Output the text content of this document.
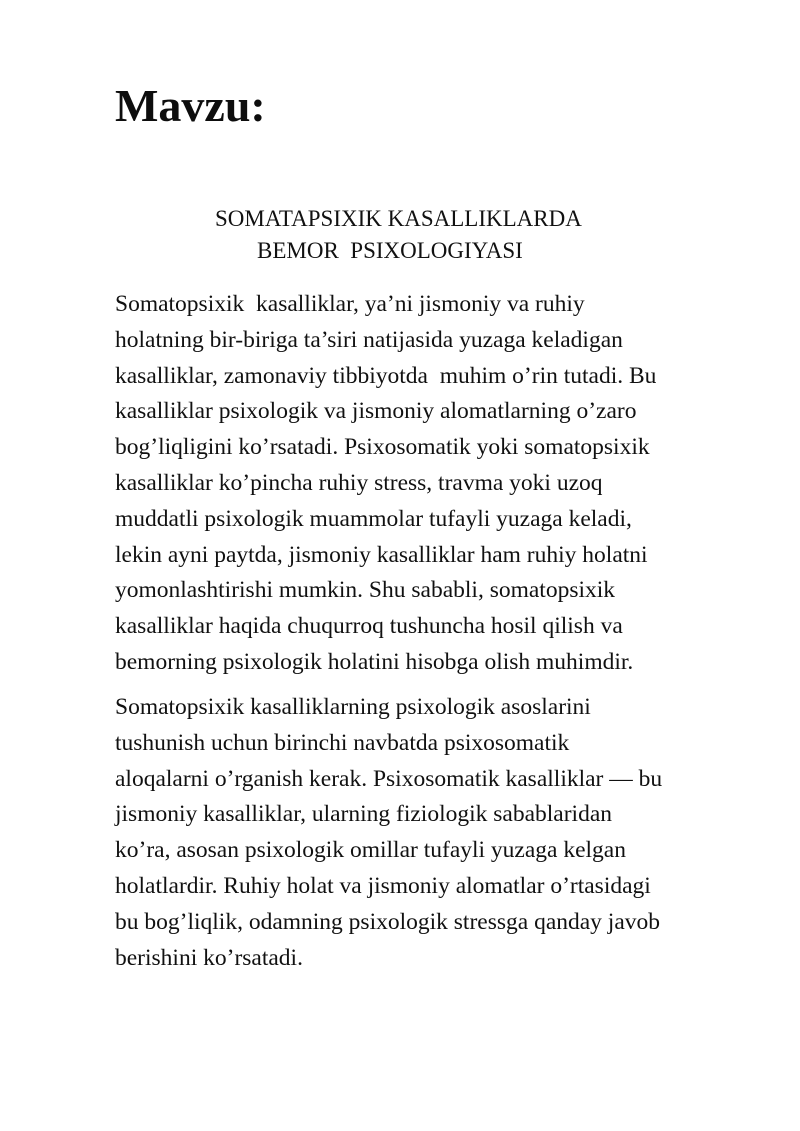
Mavzu:
SOMATAPSIXIK KASALLIKLARDA
BEMOR  PSIXOLOGIYASI
Somatopsixik  kasalliklar, ya’ni jismoniy va ruhiy
holatning bir-biriga ta’siri natijasida yuzaga keladigan
kasalliklar, zamonaviy tibbiyotda  muhim o’rin tutadi. Bu
kasalliklar psixologik va jismoniy alomatlarning o’zaro
bog’liqligini ko’rsatadi. Psixosomatik yoki somatopsixik
kasalliklar ko’pincha ruhiy stress, travma yoki uzoq
muddatli psixologik muammolar tufayli yuzaga keladi,
lekin ayni paytda, jismoniy kasalliklar ham ruhiy holatni
yomonlashtirishi mumkin. Shu sababli, somatopsixik
kasalliklar haqida chuqurroq tushuncha hosil qilish va
bemorning psixologik holatini hisobga olish muhimdir.
Somatopsixik kasalliklarning psixologik asoslarini
tushunish uchun birinchi navbatda psixosomatik
aloqalarni o’rganish kerak. Psixosomatik kasalliklar — bu
jismoniy kasalliklar, ularning fiziologik sabablaridan
ko’ra, asosan psixologik omillar tufayli yuzaga kelgan
holatlardir. Ruhiy holat va jismoniy alomatlar o’rtasidagi
bu bog’liqlik, odamning psixologik stressga qanday javob
berishini ko’rsatadi.
